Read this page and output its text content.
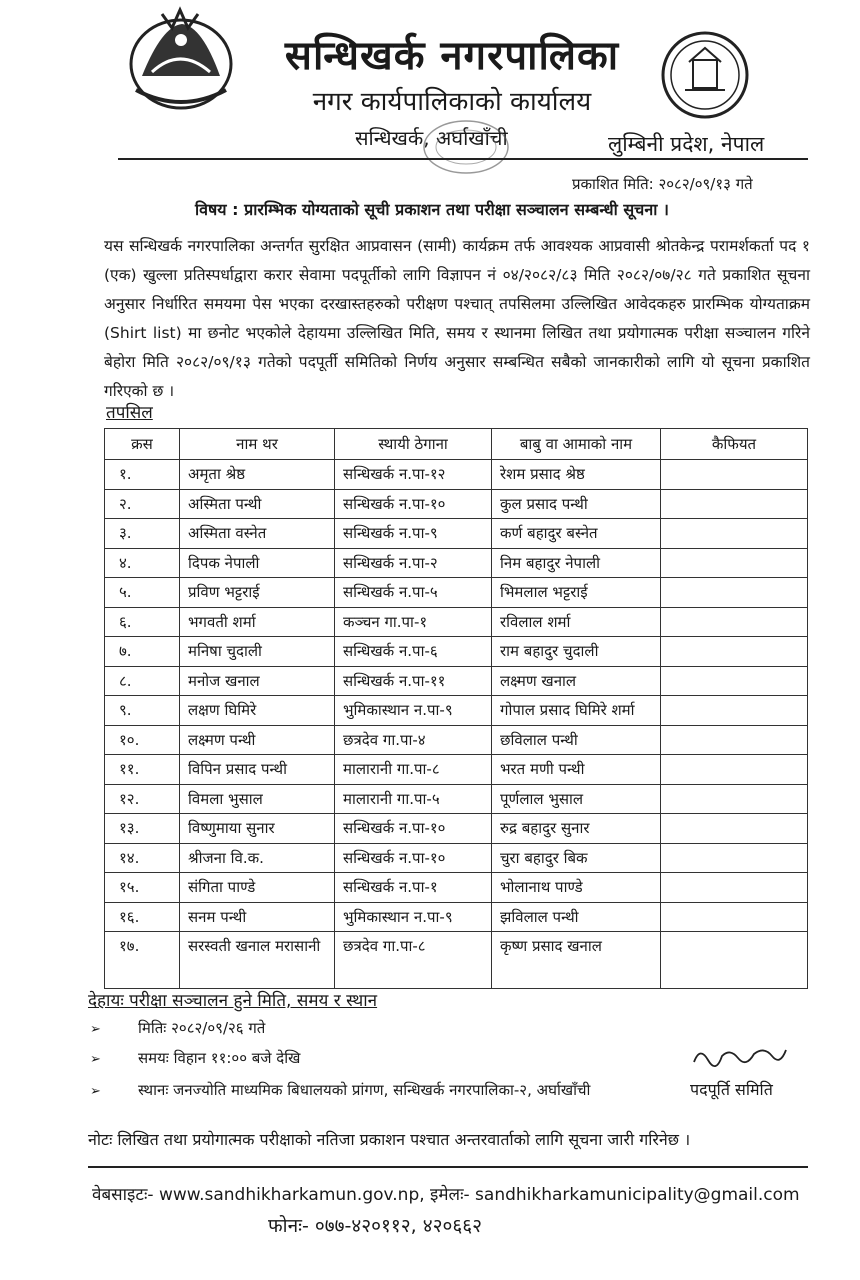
सन्धिखर्क नगरपालिका
नगर कार्यपालिकाको कार्यालय
सन्धिखर्क, अर्घाखाँची	लुम्बिनी प्रदेश, नेपाल
प्रकाशित मिति: २०८२/०९/१३ गते
विषय : प्रारम्भिक योग्यताको सूची प्रकाशन तथा परीक्षा सञ्चालन सम्बन्धी सूचना ।
यस सन्धिखर्क नगरपालिका अन्तर्गत सुरक्षित आप्रवासन (सामी) कार्यक्रम तर्फ आवश्यक आप्रवासी श्रोतकेन्द्र परामर्शकर्ता पद १ (एक) खुल्ला प्रतिस्पर्धाद्वारा करार सेवामा पदपूर्तीको लागि विज्ञापन नं ०४/२०८२/८३ मिति २०८२/०७/२८ गते प्रकाशित सूचना अनुसार निर्धारित समयमा पेस भएका दरखास्तहरुको परीक्षण पश्चात् तपसिलमा उल्लिखित आवेदकहरु प्रारम्भिक योग्यताक्रम (Shirt list) मा छनोट भएकोले देहायमा उल्लिखित मिति, समय र स्थानमा लिखित तथा प्रयोगात्मक परीक्षा सञ्चालन गरिने बेहोरा मिति २०८२/०९/१३ गतेको पदपूर्ती समितिको निर्णय अनुसार सम्बन्धित सबैको जानकारीको लागि यो सूचना प्रकाशित गरिएको छ ।
तपसिल
क्रस	नाम थर	स्थायी ठेगाना	बाबु वा आमाको नाम	कैफियत
१.	अमृता श्रेष्ठ	सन्धिखर्क न.पा-१२	रेशम प्रसाद श्रेष्ठ	
२.	अस्मिता पन्थी	सन्धिखर्क न.पा-१०	कुल प्रसाद पन्थी	
३.	अस्मिता वस्नेत	सन्धिखर्क न.पा-९	कर्ण बहादुर बस्नेत	
४.	दिपक नेपाली	सन्धिखर्क न.पा-२	निम बहादुर नेपाली	
५.	प्रविण भट्टराई	सन्धिखर्क न.पा-५	भिमलाल भट्टराई	
६.	भगवती शर्मा	कञ्चन गा.पा-१	रविलाल शर्मा	
७.	मनिषा चुदाली	सन्धिखर्क न.पा-६	राम बहादुर चुदाली	
८.	मनोज खनाल	सन्धिखर्क न.पा-११	लक्ष्मण खनाल	
९.	लक्षण घिमिरे	भुमिकास्थान न.पा-९	गोपाल प्रसाद घिमिरे शर्मा	
१०.	लक्ष्मण पन्थी	छत्रदेव गा.पा-४	छविलाल पन्थी	
११.	विपिन प्रसाद पन्थी	मालारानी गा.पा-८	भरत मणी पन्थी	
१२.	विमला भुसाल	मालारानी गा.पा-५	पूर्णलाल भुसाल	
१३.	विष्णुमाया सुनार	सन्धिखर्क न.पा-१०	रुद्र बहादुर सुनार	
१४.	श्रीजना वि.क.	सन्धिखर्क न.पा-१०	चुरा बहादुर बिक	
१५.	संगिता पाण्डे	सन्धिखर्क न.पा-१	भोलानाथ पाण्डे	
१६.	सनम पन्थी	भुमिकास्थान न.पा-९	झविलाल पन्थी	
१७.	सरस्वती खनाल मरासानी	छत्रदेव गा.पा-८	कृष्ण प्रसाद खनाल	
देहायः परीक्षा सञ्चालन हुने मिति, समय र स्थान
➢ मितिः २०८२/०९/२६ गते
➢ समयः विहान ११:०० बजे देखि
➢ स्थानः जनज्योति माध्यमिक बिधालयको प्रांगण, सन्धिखर्क नगरपालिका-२, अर्घाखाँची	पदपूर्ति समिति
नोटः लिखित तथा प्रयोगात्मक परीक्षाको नतिजा प्रकाशन पश्चात अन्तरवार्ताको लागि सूचना जारी गरिनेछ ।
वेबसाइटः- www.sandhikharkamun.gov.np, इमेलः- sandhikharkamunicipality@gmail.com
फोनः- ०७७-४२०११२, ४२०६६२
